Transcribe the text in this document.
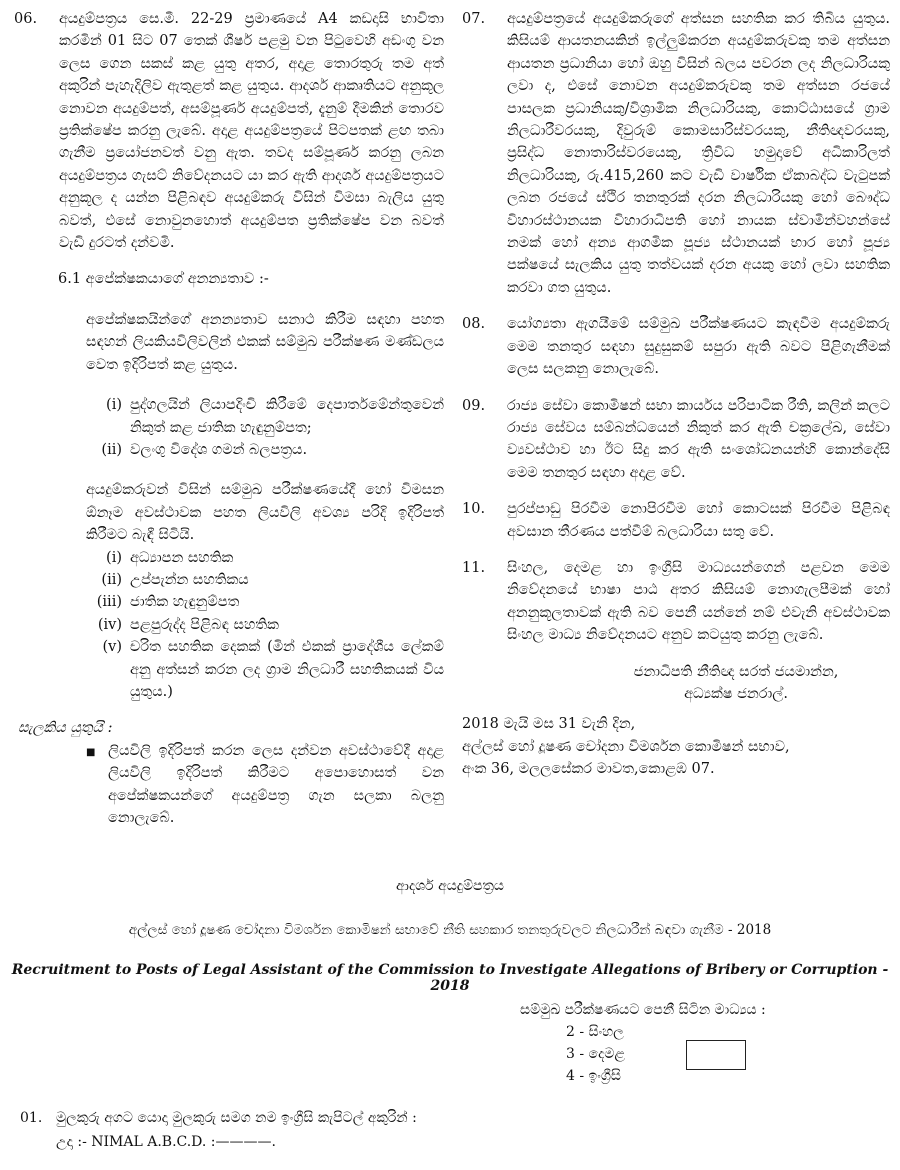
06.	අයදුම්පත්‍රය සෙ.මී. 22-29 ප්‍රමාණයේ A4 කඩදාසි භාවිතා කරමින් 01 සිට 07 තෙක් ශීර්ෂ පළමු වන පිටුවෙහි අඩංගු වන ලෙස ගෙන සකස් කළ යුතු අතර, අදාළ තොරතුරු තම අත් අකුරින් පැහැදිලිව ඇතුළත් කළ යුතුය. ආදර්ශ ආකෘතියට අනුකූල නොවන අයදුම්පත්, අසම්පූර්ණ අයදුම්පත්, දැනුම් දීමකින් තොරව ප්‍රතික්ෂේප කරනු ලැබේ. අදාළ අයදුම්පත්‍රයේ පිටපතක් ළඟ තබා ගැනීම ප්‍රයෝජනවත් වනු ඇත. තවද සම්පූර්ණ කරනු ලබන අයදුම්පත්‍රය ගැසට් නිවේදනයට යා කර ඇති ආදර්ශ අයදුම්පත්‍රයට අනුකූල ද යන්න පිළිබඳව අයදුම්කරු විසින් විමසා බැලිය යුතු බවත්, එසේ නොවුනහොත් අයදුම්පත ප්‍රතික්ෂේප වන බවත් වැඩි දුරටත් දන්වමි.
6.1 අපේක්ෂකයාගේ අනන්‍යතාව :-
අපේක්ෂකයින්ගේ අනන්‍යතාව සනාථ කිරීම සඳහා පහත සඳහන් ලියකියවිලිවලින් එකක් සම්මුඛ පරීක්ෂණ මණ්ඩලය වෙත ඉදිරිපත් කළ යුතුය.
(i) පුද්ගලයින් ලියාපදිංචි කිරීමේ දෙපාර්තමේන්තුවෙන් නිකුත් කළ ජාතික හැඳුනුම්පත;
(ii) වලංගු විදේශ ගමන් බලපත්‍රය.
අයදුම්කරුවන් විසින් සම්මුඛ පරීක්ෂණයේදී හෝ විමසන ඕනෑම අවස්ථාවක පහත ලියවිලි අවශ්‍ය පරිදි ඉදිරිපත් කිරීමට බැඳී සිටියි.
(i) අධ්‍යාපන සහතික
(ii) උප්පැන්න සහතිකය
(iii) ජාතික හැඳුනුම්පත
(iv) පළපුරුද්ද පිළිබඳ සහතික
(v) චරිත සහතික දෙකක් (මින් එකක් ප්‍රාදේශීය ලේකම් අනු අත්සන් කරන ලද ග්‍රාම නිලධාරී සහතිකයක් විය යුතුය.)
සැලකිය යුතුයි :
■ ලියවිලි ඉදිරිපත් කරන ලෙස දන්වන අවස්ථාවේදී අදාළ ලියවිලි ඉදිරිපත් කිරීමට අපොහොසත් වන අපේක්ෂකයන්ගේ අයදුම්පත්‍ර ගැන සලකා බලනු නොලැබේ.
07.	අයදුම්පත්‍රයේ අයදුම්කරුගේ අත්සන සහතික කර තිබිය යුතුය. කිසියම් ආයතනයකින් ඉල්ලුම්කරන අයදුම්කරුවකු තම අත්සන ආයතන ප්‍රධානියා හෝ ඔහු විසින් බලය පවරන ලද නිලධාරියකු ලවා ද, එසේ නොවන අයදුම්කරුවකු තම අත්සන රජයේ පාසලක ප්‍රධානියකු/විශ්‍රාමික නිලධාරියකු, කොට්ඨාසයේ ග්‍රාම නිලධාරීවරයකු, දිවුරුම් කොමසාරිස්වරයකු, නීතිඥවරයකු, ප්‍රසිද්ධ නොතාරිස්වරයෙකු, ත්‍රිවිධ හමුදාවේ අධිකාරිලත් නිලධාරියකු, රු.415,260 කට වැඩි වාර්ෂික ඒකාබද්ධ වැටුපක් ලබන රජයේ ස්ථිර තනතුරක් දරන නිලධාරියකු හෝ බෞද්ධ විහාරස්ථානයක විහාරාධිපති හෝ නායක ස්වාමීන්වහන්සේ නමක් හෝ අන්‍ය ආගමික පූජ්‍ය ස්ථානයක් භාර හෝ පූජ්‍ය පක්ෂයේ සැලකිය යුතු තත්වයක් දරන අයකු හෝ ලවා සහතික කරවා ගත යුතුය.
08.	යෝග්‍යතා ඇගයීමේ සම්මුඛ පරීක්ෂණයට කැඳවීම අයදුම්කරු මෙම තනතුර සඳහා සුදුසුකම් සපුරා ඇති බවට පිළිගැනීමක් ලෙස සලකනු නොලැබේ.
09.	රාජ්‍ය සේවා කොමිෂන් සභා කාර්යය පරිපාටික රීති, කලින් කලට රාජ්‍ය සේවය සම්බන්ධයෙන් නිකුත් කර ඇති චක්‍රලේඛ, සේවා ව්‍යවස්ථාව හා ඊට සිදු කර ඇති සංශෝධනයන්හි කොන්දේසි මෙම තනතුර සඳහා අදාළ වේ.
10.	පුරප්පාඩු පිරවීම නොපිරවීම හෝ කොටසක් පිරවීම පිළිබඳ අවසාන තීරණය පත්වීම් බලධාරියා සතු වේ.
11.	සිංහල, දෙමළ හා ඉංග්‍රීසි මාධ්‍යයන්ගෙන් පළවන මෙම නිවේදනයේ භාෂා පාඨ අතර කිසියම් නොගැලපීමක් හෝ අනනුකූලතාවක් ඇති බව පෙනී යන්නේ නම් එවැනි අවස්ථාවක සිංහල මාධ්‍ය නිවේදනයට අනුව කටයුතු කරනු ලැබේ.
ජනාධිපති නීතිඥ සරත් ජයමාන්න,
අධ්‍යක්ෂ ජනරාල්.
2018 මැයි මස 31 වැනි දින,
අල්ලස් හෝ දූෂණ චෝදනා විමර්ශන කොමිෂන් සභාව,
අංක 36, මලලසේකර මාවත,කොළඹ 07.
ආදර්ශ අයදුම්පත්‍රය
අල්ලස් හෝ දූෂණ චෝදනා විමර්ශන කොමිෂන් සභාවේ නීති සහකාර තනතුරුවලට නිලධාරීන් බඳවා ගැනීම - 2018
Recruitment to Posts of Legal Assistant of the Commission to Investigate Allegations of Bribery or Corruption - 2018
සම්මුඛ පරීක්ෂණයට පෙනී සිටින මාධ්‍යය :
2 - සිංහල
3 - දෙමළ
4 - ඉංග්‍රීසි
01. මුලකුරු අගට යොදා මුලකුරු සමග නම ඉංග්‍රීසි කැපිටල් අකුරින් :
උදා :- NIMAL A.B.C.D. :————.
